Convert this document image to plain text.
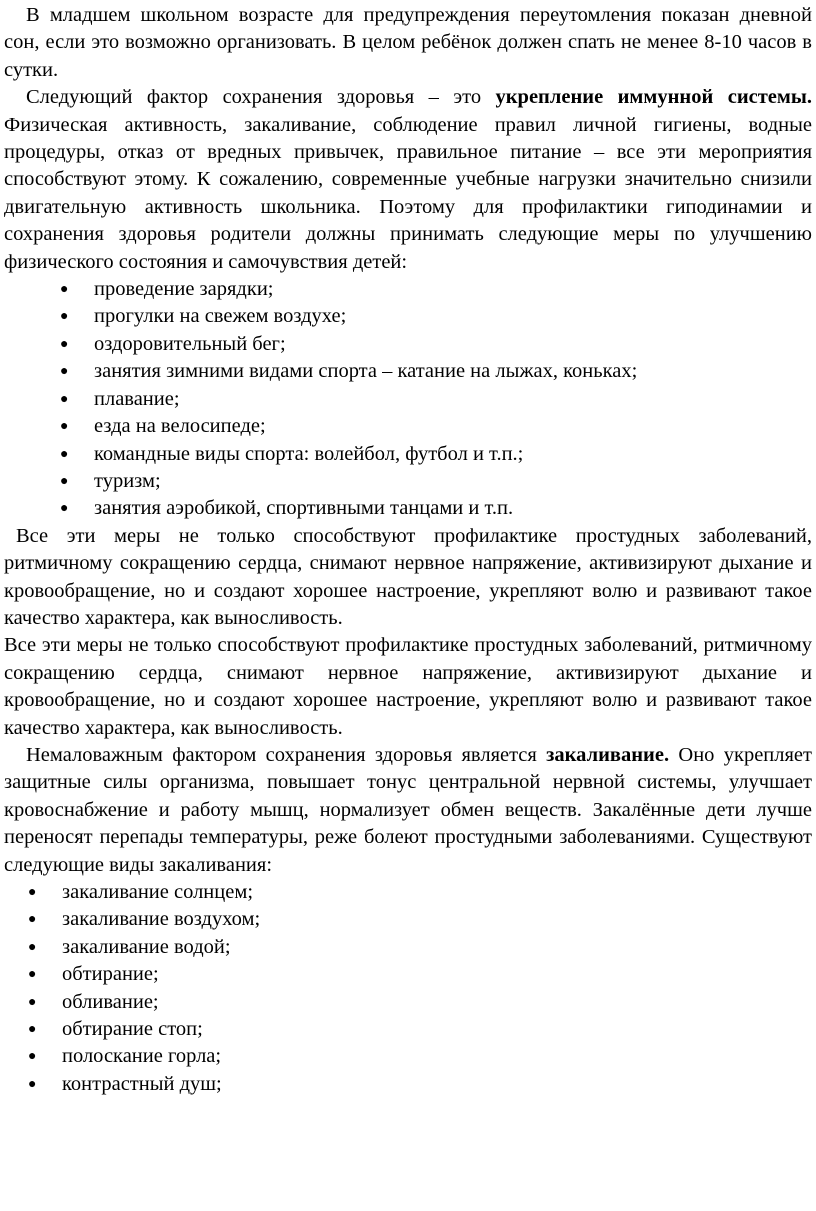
В младшем школьном возрасте для предупреждения переутомления показан дневной сон, если это возможно организовать. В целом ребёнок должен спать не менее 8-10 часов в сутки.

Следующий фактор сохранения здоровья – это укрепление иммунной системы. Физическая активность, закаливание, соблюдение правил личной гигиены, водные процедуры, отказ от вредных привычек, правильное питание – все эти мероприятия способствуют этому. К сожалению, современные учебные нагрузки значительно снизили двигательную активность школьника. Поэтому для профилактики гиподинамии и сохранения здоровья родители должны принимать следующие меры по улучшению физического состояния и самочувствия детей:

● проведение зарядки;
● прогулки на свежем воздухе;
● оздоровительный бег;
● занятия зимними видами спорта – катание на лыжах, коньках;
● плавание;
● езда на велосипеде;
● командные виды спорта: волейбол, футбол и т.п.;
● туризм;
● занятия аэробикой, спортивными танцами и т.п.

Все эти меры не только способствуют профилактике простудных заболеваний, ритмичному сокращению сердца, снимают нервное напряжение, активизируют дыхание и кровообращение, но и создают хорошее настроение, укрепляют волю и развивают такое качество характера, как выносливость.

Все эти меры не только способствуют профилактике простудных заболеваний, ритмичному сокращению сердца, снимают нервное напряжение, активизируют дыхание и кровообращение, но и создают хорошее настроение, укрепляют волю и развивают такое качество характера, как выносливость.

Немаловажным фактором сохранения здоровья является закаливание. Оно укрепляет защитные силы организма, повышает тонус центральной нервной системы, улучшает кровоснабжение и работу мышц, нормализует обмен веществ. Закалённые дети лучше переносят перепады температуры, реже болеют простудными заболеваниями. Существуют следующие виды закаливания:

● закаливание солнцем;
● закаливание воздухом;
● закаливание водой;
● обтирание;
● обливание;
● обтирание стоп;
● полоскание горла;
● контрастный душ;
